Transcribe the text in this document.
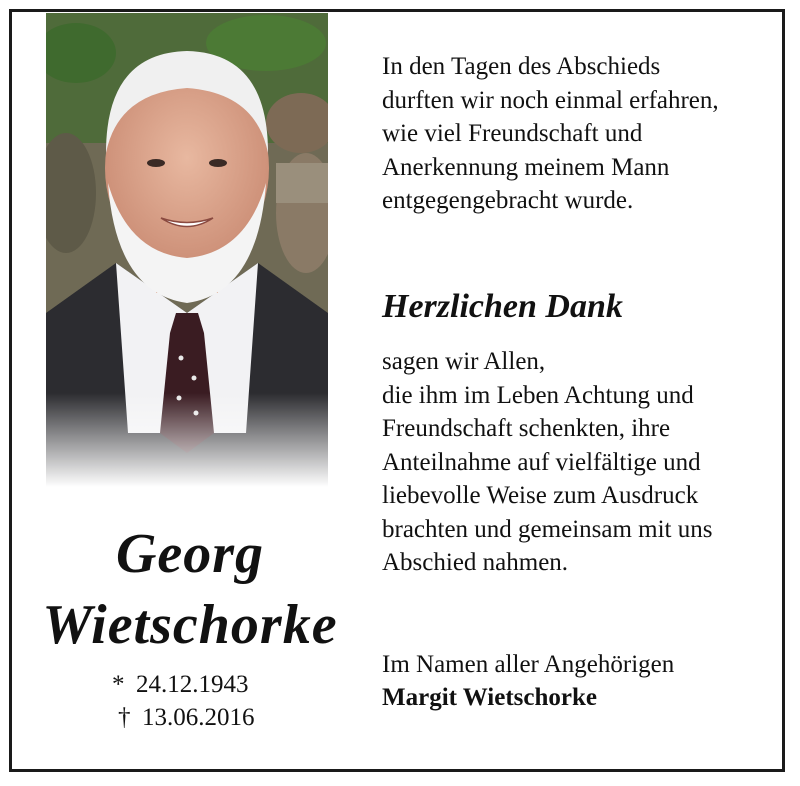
Georg
Wietschorke
* 24.12.1943
† 13.06.2016
In den Tagen des Abschieds
durften wir noch einmal erfahren,
wie viel Freundschaft und
Anerkennung meinem Mann
entgegengebracht wurde.
Herzlichen Dank
sagen wir Allen,
die ihm im Leben Achtung und
Freundschaft schenkten, ihre
Anteilnahme auf vielfältige und
liebevolle Weise zum Ausdruck
brachten und gemeinsam mit uns
Abschied nahmen.
Im Namen aller Angehörigen
Margit Wietschorke
